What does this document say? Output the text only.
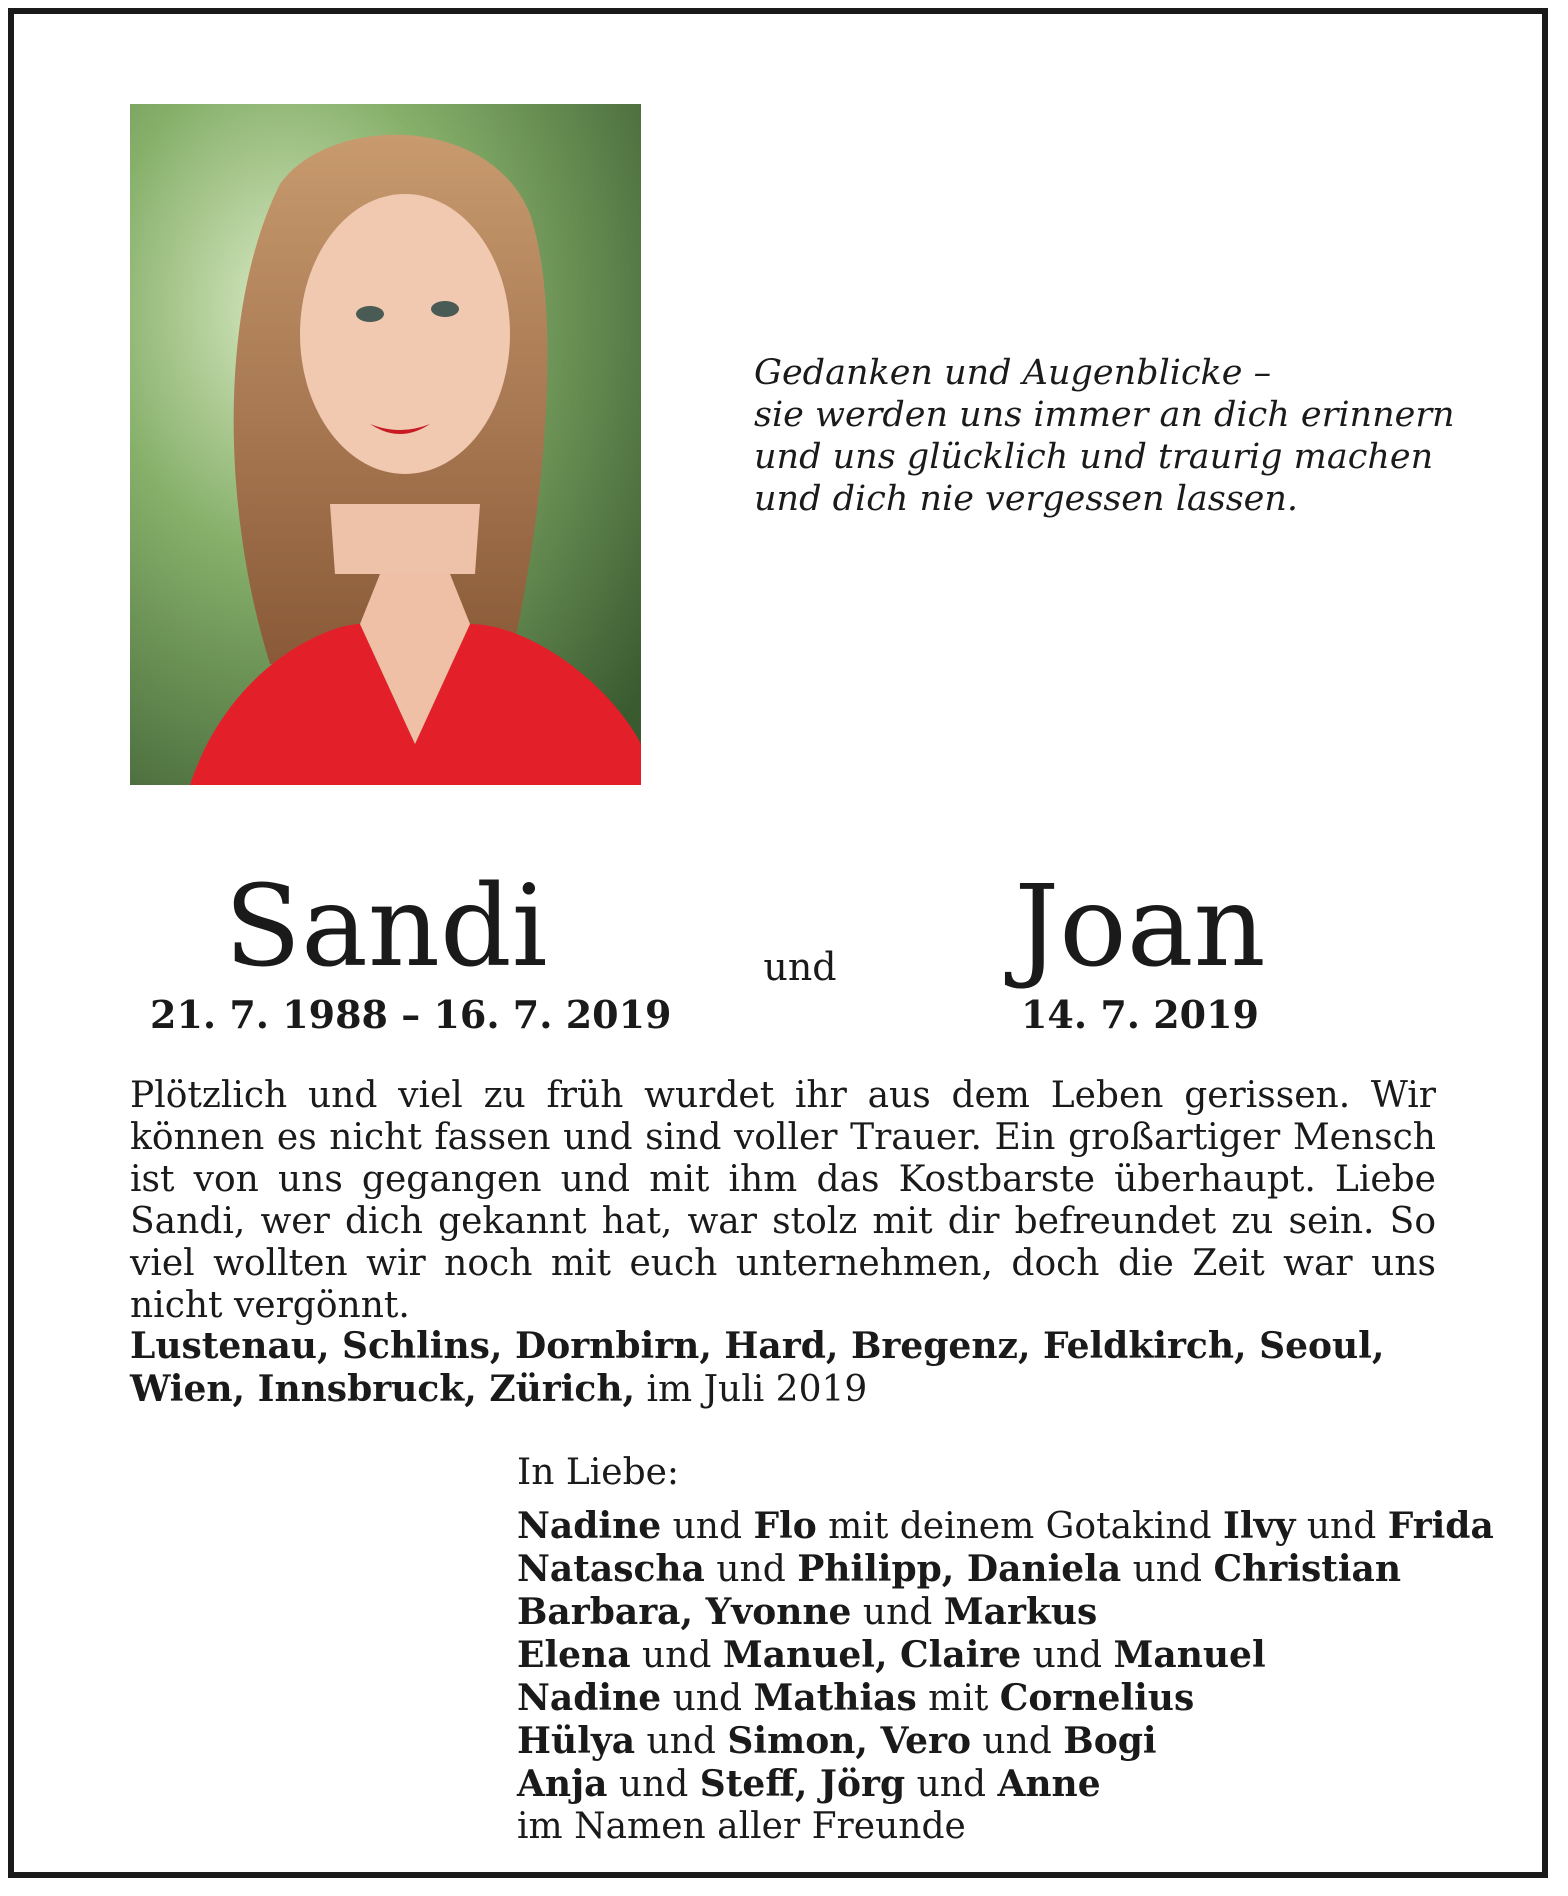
Gedanken und Augenblicke –
sie werden uns immer an dich erinnern
und uns glücklich und traurig machen
und dich nie vergessen lassen.
Sandi	und	Joan
21. 7. 1988 – 16. 7. 2019	14. 7. 2019
Plötzlich und viel zu früh wurdet ihr aus dem Leben gerissen. Wir können es nicht fassen und sind voller Trauer. Ein großartiger Mensch ist von uns gegangen und mit ihm das Kostbarste überhaupt. Liebe Sandi, wer dich gekannt hat, war stolz mit dir befreundet zu sein. So viel wollten wir noch mit euch unternehmen, doch die Zeit war uns nicht vergönnt.
Lustenau, Schlins, Dornbirn, Hard, Bregenz, Feldkirch, Seoul, Wien, Innsbruck, Zürich, im Juli 2019
In Liebe:
Nadine und Flo mit deinem Gotakind Ilvy und Frida
Natascha und Philipp, Daniela und Christian
Barbara, Yvonne und Markus
Elena und Manuel, Claire und Manuel
Nadine und Mathias mit Cornelius
Hülya und Simon, Vero und Bogi
Anja und Steff, Jörg und Anne
im Namen aller Freunde
